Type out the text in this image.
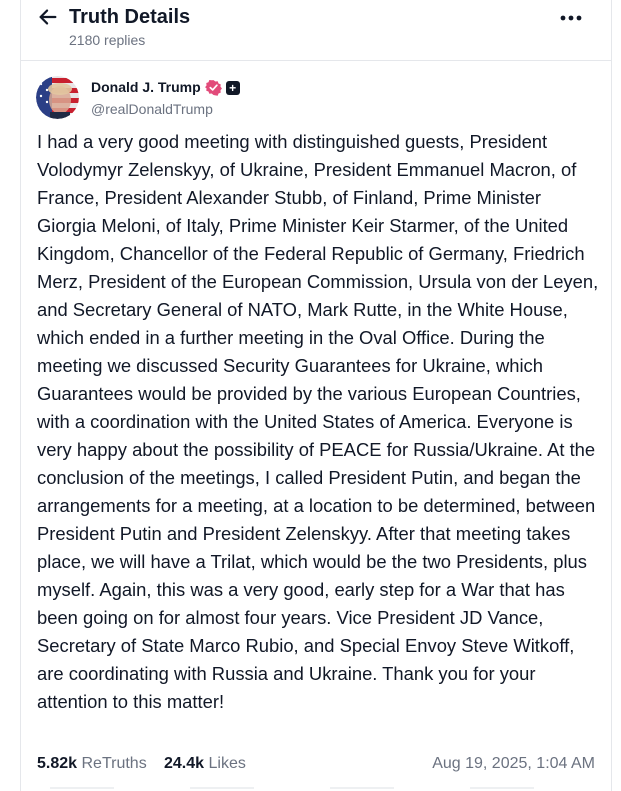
Truth Details
2180 replies
Donald J. Trump +
@realDonaldTrump
I had a very good meeting with distinguished guests, President Volodymyr Zelenskyy, of Ukraine, President Emmanuel Macron, of France, President Alexander Stubb, of Finland, Prime Minister Giorgia Meloni, of Italy, Prime Minister Keir Starmer, of the United Kingdom, Chancellor of the Federal Republic of Germany, Friedrich Merz, President of the European Commission, Ursula von der Leyen, and Secretary General of NATO, Mark Rutte, in the White House, which ended in a further meeting in the Oval Office. During the meeting we discussed Security Guarantees for Ukraine, which Guarantees would be provided by the various European Countries, with a coordination with the United States of America. Everyone is very happy about the possibility of PEACE for Russia/Ukraine. At the conclusion of the meetings, I called President Putin, and began the arrangements for a meeting, at a location to be determined, between President Putin and President Zelenskyy. After that meeting takes place, we will have a Trilat, which would be the two Presidents, plus myself. Again, this was a very good, early step for a War that has been going on for almost four years. Vice President JD Vance, Secretary of State Marco Rubio, and Special Envoy Steve Witkoff, are coordinating with Russia and Ukraine. Thank you for your attention to this matter!
5.82k ReTruths 24.4k Likes	Aug 19, 2025, 1:04 AM
